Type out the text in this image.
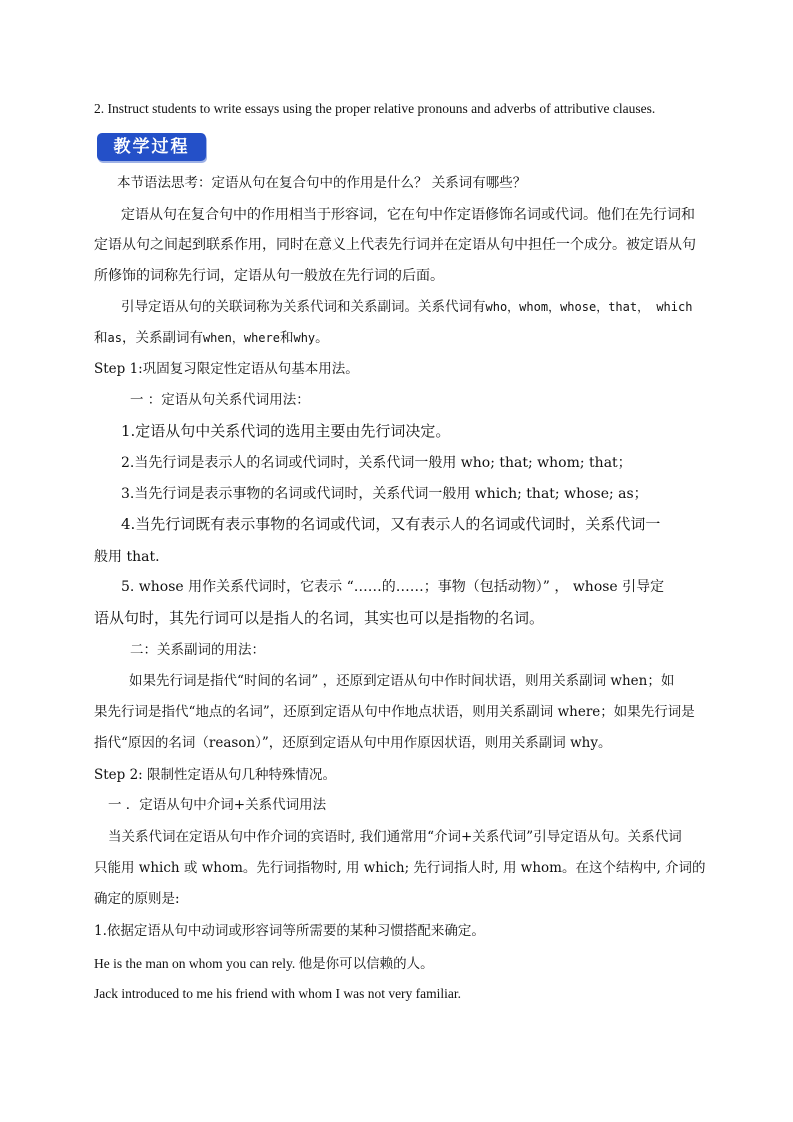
2. Instruct students to write essays using the proper relative pronouns and adverbs of attributive clauses.
教学过程
本节语法思考：定语从句在复合句中的作用是什么？ 关系词有哪些？
定语从句在复合句中的作用相当于形容词，它在句中作定语修饰名词或代词。他们在先行词和
定语从句之间起到联系作用，同时在意义上代表先行词并在定语从句中担任一个成分。被定语从句
所修饰的词称先行词，定语从句一般放在先行词的后面。
引导定语从句的关联词称为关系代词和关系副词。关系代词有who，whom，whose，that， which
和as，关系副词有when，where和why。
Step 1:巩固复习限定性定语从句基本用法。
一 ：定语从句关系代词用法：
1.定语从句中关系代词的选用主要由先行词决定。
2.当先行词是表示人的名词或代词时，关系代词一般用 who; that; whom; that；
3.当先行词是表示事物的名词或代词时，关系代词一般用 which; that; whose; as；
4.当先行词既有表示事物的名词或代词，又有表示人的名词或代词时，关系代词一
般用 that.
5. whose 用作关系代词时，它表示 “……的……；事物（包括动物）” ， whose 引导定
语从句时，其先行词可以是指人的名词，其实也可以是指物的名词。
二：关系副词的用法：
如果先行词是指代“时间的名词” ，还原到定语从句中作时间状语，则用关系副词 when；如
果先行词是指代“地点的名词”，还原到定语从句中作地点状语，则用关系副词 where；如果先行词是
指代“原因的名词（reason）”，还原到定语从句中用作原因状语，则用关系副词 why。
Step 2: 限制性定语从句几种特殊情况。
一 ．定语从句中介词+关系代词用法
当关系代词在定语从句中作介词的宾语时, 我们通常用“介词+关系代词”引导定语从句。关系代词
只能用 which 或 whom。先行词指物时, 用 which; 先行词指人时, 用 whom。在这个结构中, 介词的
确定的原则是:
1.依据定语从句中动词或形容词等所需要的某种习惯搭配来确定。
He is the man on whom you can rely. 他是你可以信赖的人。
Jack introduced to me his friend with whom I was not very familiar.
